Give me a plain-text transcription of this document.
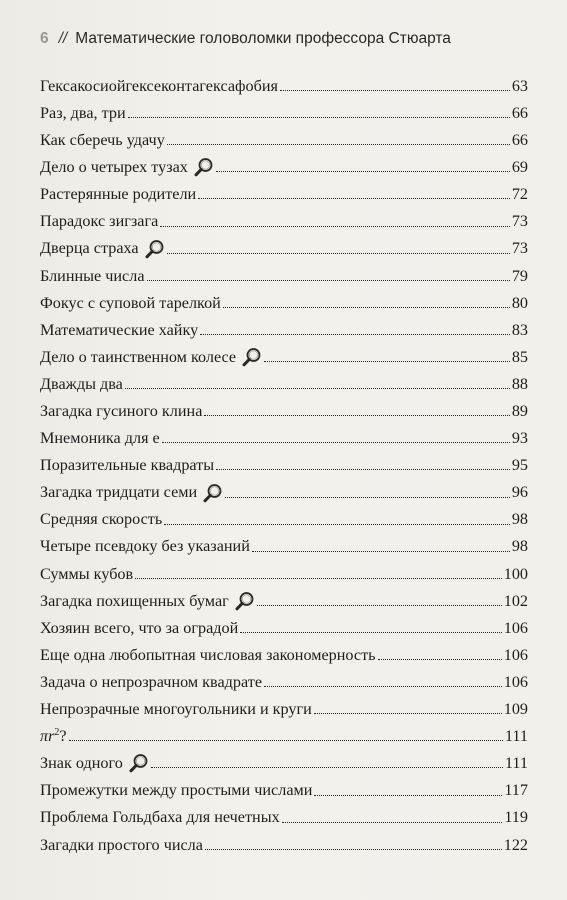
6 // Математические головоломки профессора Стюарта
Гексакосиойгексеконтагексафобия	63
Раз, два, три	66
Как сберечь удачу	66
Дело о четырех тузах	69
Растерянные родители	72
Парадокс зигзага	73
Дверца страха	73
Блинные числа	79
Фокус с суповой тарелкой	80
Математические хайку	83
Дело о таинственном колесе	85
Дважды два	88
Загадка гусиного клина	89
Мнемоника для e	93
Поразительные квадраты	95
Загадка тридцати семи	96
Средняя скорость	98
Четыре псевдоку без указаний	98
Суммы кубов	100
Загадка похищенных бумаг	102
Хозяин всего, что за оградой	106
Еще одна любопытная числовая закономерность	106
Задача о непрозрачном квадрате	106
Непрозрачные многоугольники и круги	109
$\pi r^2$?	111
Знак одного	111
Промежутки между простыми числами	117
Проблема Гольдбаха для нечетных	119
Загадки простого числа	122
